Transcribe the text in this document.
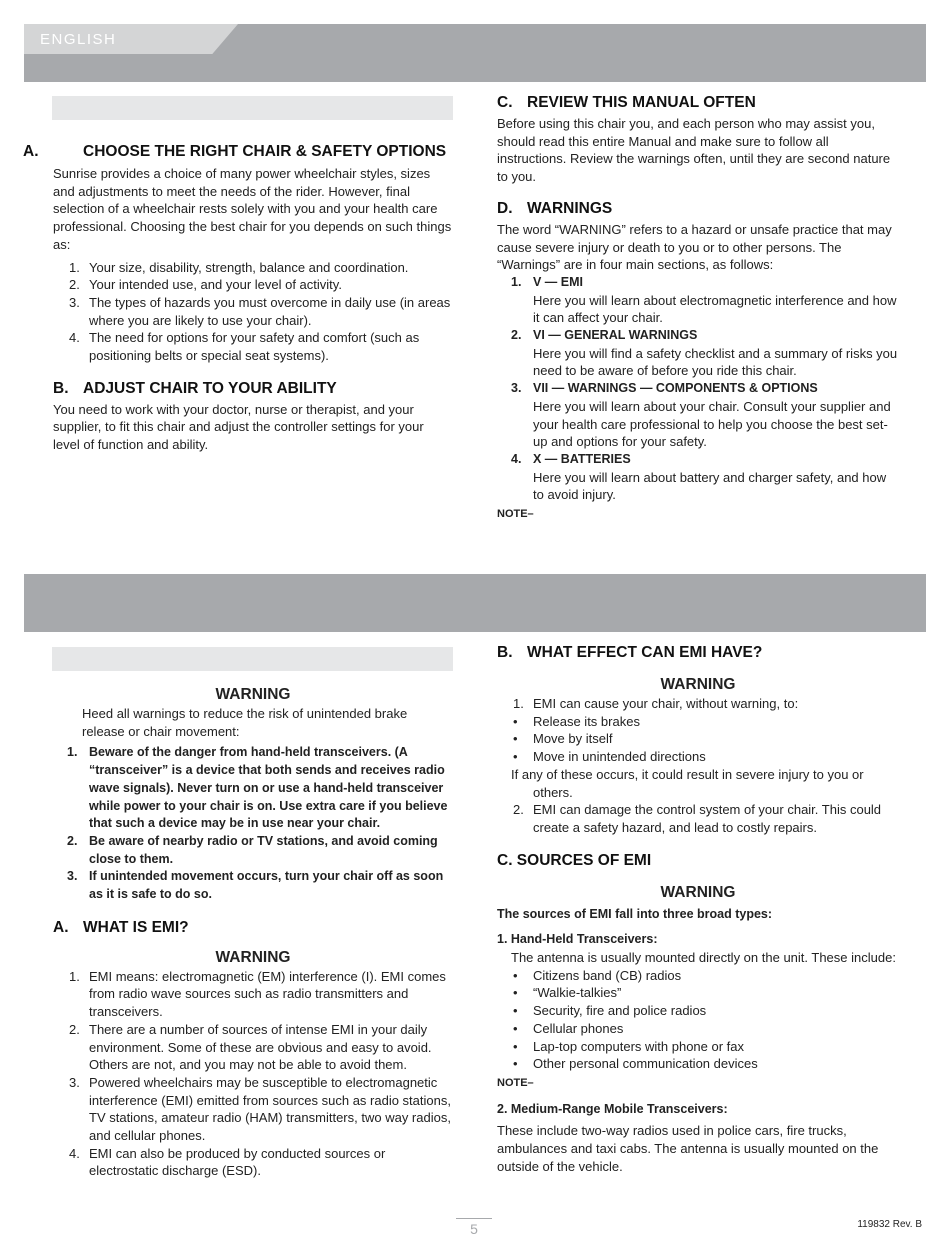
ENGLISH
A.	CHOOSE THE RIGHT CHAIR & SAFETY OPTIONS

Sunrise provides a choice of many power wheelchair styles, sizes and adjustments to meet the needs of the rider. However, final selection of a wheelchair rests solely with you and your health care professional. Choosing the best chair for you depends on such things as:

1. Your size, disability, strength, balance and coordination.
2. Your intended use, and your level of activity.
3. The types of hazards you must overcome in daily use (in areas where you are likely to use your chair).
4. The need for options for your safety and comfort (such as positioning belts or special seat systems).
B. ADJUST CHAIR TO YOUR ABILITY

You need to work with your doctor, nurse or therapist, and your supplier, to fit this chair and adjust the controller settings for your level of function and ability.

C. REVIEW THIS MANUAL OFTEN

Before using this chair you, and each person who may assist you, should read this entire Manual and make sure to follow all instructions. Review the warnings often, until they are second nature to you.

D. WARNINGS

The word “WARNING” refers to a hazard or unsafe practice that may cause severe injury or death to you or to other persons. The “Warnings” are in four main sections, as follows:

1. V — EMI
Here you will learn about electromagnetic interference and how it can affect your chair.
2. VI — GENERAL WARNINGS
Here you will find a safety checklist and a summary of risks you need to be aware of before you ride this chair.
3. VII — WARNINGS — COMPONENTS & OPTIONS
Here you will learn about your chair. Consult your supplier and your health care professional to help you choose the best set-up and options for your safety.
4. X — BATTERIES
Here you will learn about battery and charger safety, and how to avoid injury.
NOTE–
WARNING

Heed all warnings to reduce the risk of unintended brake release or chair movement:

1. Beware of the danger from hand-held transceivers. (A “transceiver” is a device that both sends and receives radio wave signals). Never turn on or use a hand-held transceiver while power to your chair is on. Use extra care if you believe that such a device may be in use near your chair.
2. Be aware of nearby radio or TV stations, and avoid coming close to them.
3. If unintended movement occurs, turn your chair off as soon as it is safe to do so.
A. WHAT IS EMI?
WARNING
1. EMI means: electromagnetic (EM) interference (I). EMI comes from radio wave sources such as radio transmitters and transceivers.
2. There are a number of sources of intense EMI in your daily environment. Some of these are obvious and easy to avoid. Others are not, and you may not be able to avoid them.
3. Powered wheelchairs may be susceptible to electromagnetic interference (EMI) emitted from sources such as radio stations, TV stations, amateur radio (HAM) transmitters, two way radios, and cellular phones.
4. EMI can also be produced by conducted sources or electrostatic discharge (ESD).
B. WHAT EFFECT CAN EMI HAVE?
WARNING
1. EMI can cause your chair, without warning, to:
• Release its brakes
• Move by itself
• Move in unintended directions

If any of these occurs, it could result in severe injury to you or others.

2. EMI can damage the control system of your chair. This could create a safety hazard, and lead to costly repairs.
C. SOURCES OF EMI
WARNING
The sources of EMI fall into three broad types:
1. Hand-Held Transceivers:

The antenna is usually mounted directly on the unit. These include:

• Citizens band (CB) radios
• “Walkie-talkies”
• Security, fire and police radios
• Cellular phones
• Lap-top computers with phone or fax
• Other personal communication devices
NOTE–
2. Medium-Range Mobile Transceivers:

These include two-way radios used in police cars, fire trucks, ambulances and taxi cabs. The antenna is usually mounted on the outside of the vehicle.

5	119832 Rev. B
